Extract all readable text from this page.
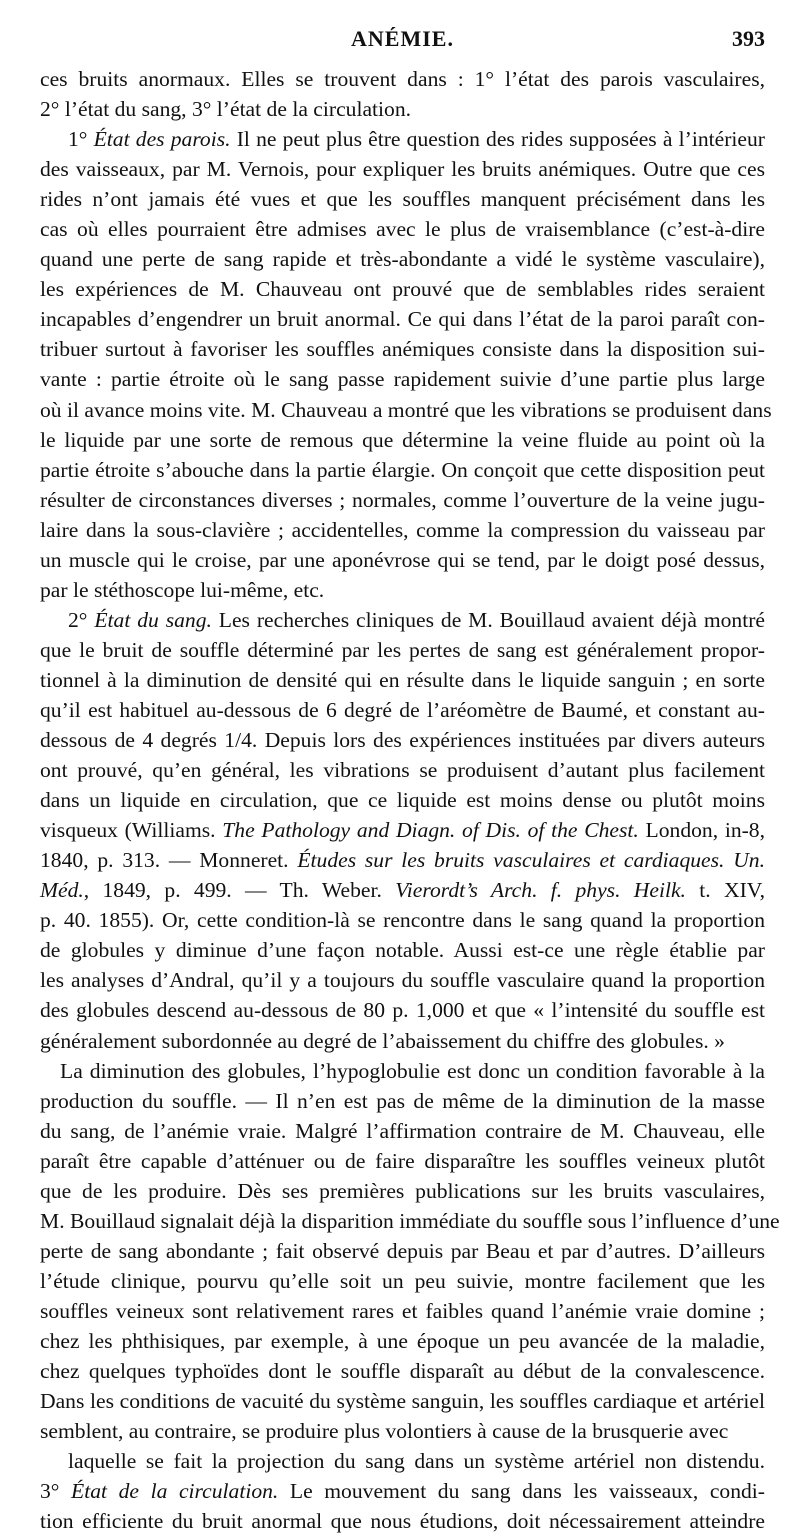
ANÉMIE.	393
ces bruits anormaux. Elles se trouvent dans : 1° l’état des parois vasculaires,
2° l’état du sang, 3° l’état de la circulation.
1° État des parois. Il ne peut plus être question des rides supposées à l’intérieur
des vaisseaux, par M. Vernois, pour expliquer les bruits anémiques. Outre que ces
rides n’ont jamais été vues et que les souffles manquent précisément dans les
cas où elles pourraient être admises avec le plus de vraisemblance (c’est-à-dire
quand une perte de sang rapide et très-abondante a vidé le système vasculaire),
les expériences de M. Chauveau ont prouvé que de semblables rides seraient
incapables d’engendrer un bruit anormal. Ce qui dans l’état de la paroi paraît con-
tribuer surtout à favoriser les souffles anémiques consiste dans la disposition sui-
vante : partie étroite où le sang passe rapidement suivie d’une partie plus large
où il avance moins vite. M. Chauveau a montré que les vibrations se produisent dans
le liquide par une sorte de remous que détermine la veine fluide au point où la
partie étroite s’abouche dans la partie élargie. On conçoit que cette disposition peut
résulter de circonstances diverses ; normales, comme l’ouverture de la veine jugu-
laire dans la sous-clavière ; accidentelles, comme la compression du vaisseau par
un muscle qui le croise, par une aponévrose qui se tend, par le doigt posé dessus,
par le stéthoscope lui-même, etc.
2° État du sang. Les recherches cliniques de M. Bouillaud avaient déjà montré
que le bruit de souffle déterminé par les pertes de sang est généralement propor-
tionnel à la diminution de densité qui en résulte dans le liquide sanguin ; en sorte
qu’il est habituel au-dessous de 6 degré de l’aréomètre de Baumé, et constant au-
dessous de 4 degrés 1/4. Depuis lors des expériences instituées par divers auteurs
ont prouvé, qu’en général, les vibrations se produisent d’autant plus facilement
dans un liquide en circulation, que ce liquide est moins dense ou plutôt moins
visqueux (Williams. The Pathology and Diagn. of Dis. of the Chest. London, in-8,
1840, p. 313. — Monneret. Études sur les bruits vasculaires et cardiaques. Un.
Méd., 1849, p. 499. — Th. Weber. Vierordt’s Arch. f. phys. Heilk. t. XIV,
p. 40. 1855). Or, cette condition-là se rencontre dans le sang quand la proportion
de globules y diminue d’une façon notable. Aussi est-ce une règle établie par
les analyses d’Andral, qu’il y a toujours du souffle vasculaire quand la proportion
des globules descend au-dessous de 80 p. 1,000 et que « l’intensité du souffle est
généralement subordonnée au degré de l’abaissement du chiffre des globules. »
La diminution des globules, l’hypoglobulie est donc un condition favorable à la
production du souffle. — Il n’en est pas de même de la diminution de la masse
du sang, de l’anémie vraie. Malgré l’affirmation contraire de M. Chauveau, elle
paraît être capable d’atténuer ou de faire disparaître les souffles veineux plutôt
que de les produire. Dès ses premières publications sur les bruits vasculaires,
M. Bouillaud signalait déjà la disparition immédiate du souffle sous l’influence d’une
perte de sang abondante ; fait observé depuis par Beau et par d’autres. D’ailleurs
l’étude clinique, pourvu qu’elle soit un peu suivie, montre facilement que les
souffles veineux sont relativement rares et faibles quand l’anémie vraie domine ;
chez les phthisiques, par exemple, à une époque un peu avancée de la maladie,
chez quelques typhoïdes dont le souffle disparaît au début de la convalescence.
Dans les conditions de vacuité du système sanguin, les souffles cardiaque et artériel
semblent, au contraire, se produire plus volontiers à cause de la brusquerie avec
laquelle se fait la projection du sang dans un système artériel non distendu.
3° État de la circulation. Le mouvement du sang dans les vaisseaux, condi-
tion efficiente du bruit anormal que nous étudions, doit nécessairement atteindre
